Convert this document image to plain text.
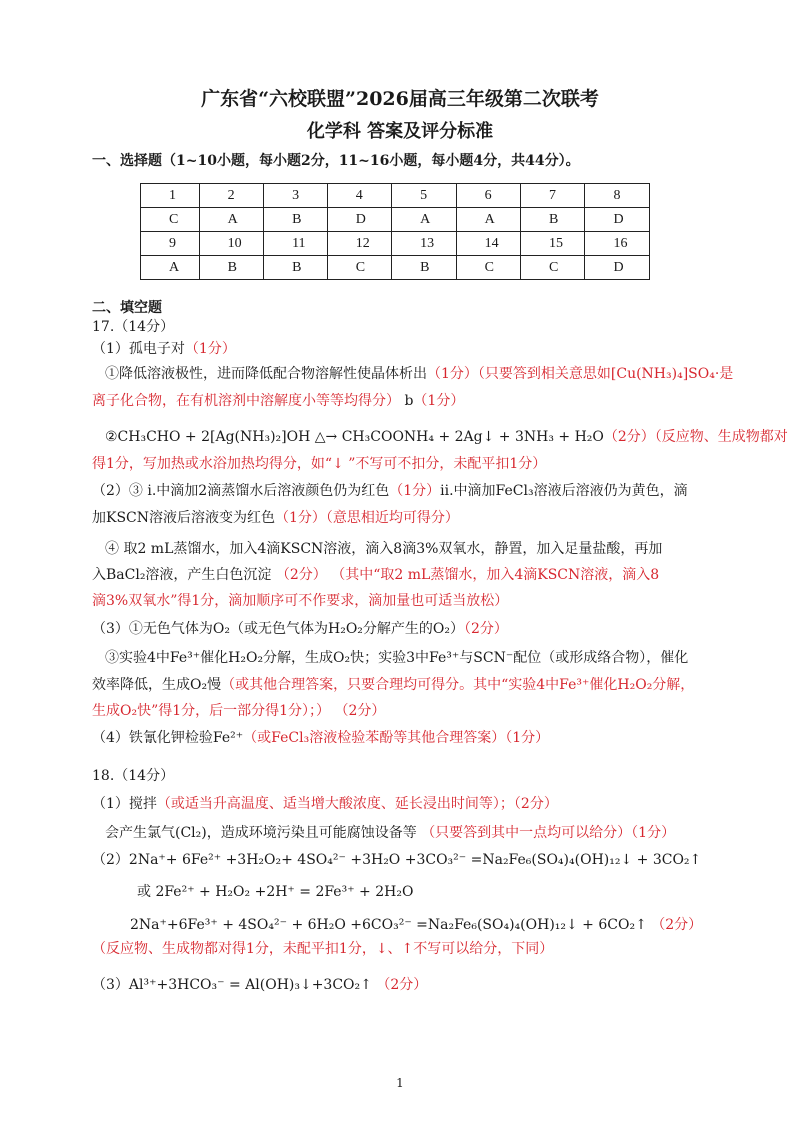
广东省“六校联盟”2026届高三年级第二次联考
化学科 答案及评分标准
一、选择题（1~10小题，每小题2分，11~16小题，每小题4分，共44分）。
1	2	3	4	5	6	7	8
C	A	B	D	A	A	B	D
9	10	11	12	13	14	15	16
A	B	B	C	B	C	C	D
二、填空题
17.（14分）
（1）孤电子对（1分）
①降低溶液极性，进而降低配合物溶解性使晶体析出（1分）（只要答到相关意思如[Cu(NH₃)₄]SO₄·是
离子化合物，在有机溶剂中溶解度小等等均得分） b（1分）
②CH₃CHO + 2[Ag(NH₃)₂]OH △→ CH₃COONH₄ + 2Ag↓ + 3NH₃ + H₂O（2分）（反应物、生成物都对
得1分，写加热或水浴加热均得分，如“↓ ”不写可不扣分，未配平扣1分）
（2）③ i.中滴加2滴蒸馏水后溶液颜色仍为红色（1分）ii.中滴加FeCl₃溶液后溶液仍为黄色，滴
加KSCN溶液后溶液变为红色（1分）（意思相近均可得分）
④ 取2 mL蒸馏水，加入4滴KSCN溶液，滴入8滴3%双氧水，静置，加入足量盐酸，再加
入BaCl₂溶液，产生白色沉淀 （2分） （其中“取2 mL蒸馏水，加入4滴KSCN溶液，滴入8
滴3%双氧水”得1分，滴加顺序可不作要求，滴加量也可适当放松）
（3）①无色气体为O₂（或无色气体为H₂O₂分解产生的O₂）（2分）
③实验4中Fe³⁺催化H₂O₂分解，生成O₂快；实验3中Fe³⁺与SCN⁻配位（或形成络合物），催化
效率降低，生成O₂慢（或其他合理答案，只要合理均可得分。其中“实验4中Fe³⁺催化H₂O₂分解，
生成O₂快”得1分，后一部分得1分）；） （2分）
（4）铁氰化钾检验Fe²⁺（或FeCl₃溶液检验苯酚等其他合理答案）（1分）
18.（14分）
（1）搅拌（或适当升高温度、适当增大酸浓度、延长浸出时间等）；（2分）
会产生氯气(Cl₂)，造成环境污染且可能腐蚀设备等 （只要答到其中一点均可以给分）（1分）
（2）2Na⁺+ 6Fe²⁺ +3H₂O₂+ 4SO₄²⁻ +3H₂O +3CO₃²⁻ =Na₂Fe₆(SO₄)₄(OH)₁₂↓ + 3CO₂↑
或 2Fe²⁺ + H₂O₂ +2H⁺ = 2Fe³⁺ + 2H₂O
2Na⁺+6Fe³⁺ + 4SO₄²⁻ + 6H₂O +6CO₃²⁻ =Na₂Fe₆(SO₄)₄(OH)₁₂↓ + 6CO₂↑ （2分）
（反应物、生成物都对得1分，未配平扣1分，↓、↑不写可以给分，下同）
（3）Al³⁺+3HCO₃⁻ = Al(OH)₃↓+3CO₂↑ （2分）
1
